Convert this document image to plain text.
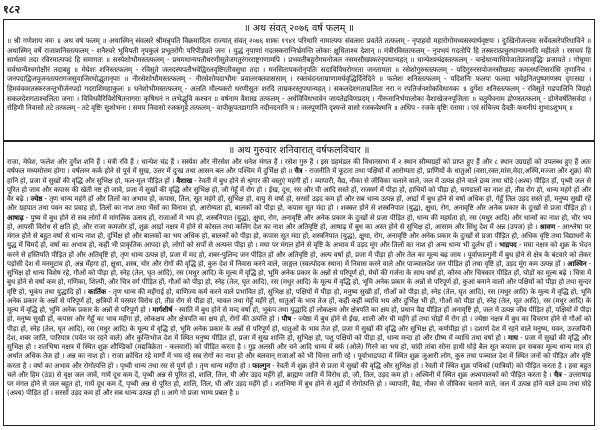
१८२
॥ अथ संवत् २०७६ वर्ष फलम् ॥
॥ श्री गणेशाय नमः ॥ अथ वर्ष फलम् ॥ अथास्मिन् संवत्सरे श्रीमन्नृपति विक्रमादित्य राज्यात् संवत् २०७६ शाकः १९४१ परिधारि नामात्ययः संवत्सरः प्रवर्तते तत्फलम् - नृपाहवो महारोगोमध्यसस्यार्थवृष्टयः । दुःखिनोजन्तवः सर्वेवत्सरेपरिधाविने ॥ अथास्मिन् वर्षे राजाशनिस्तत्फलम् - शनैश्चरे भूमिपती नृपकुलं प्रभूतरोगैः परिपीड्यते जनः । युद्धं नृपाणां गदतस्कराग्निर्भ्रमन्ति लोकाः क्षुधिताश्च देशान् ॥ मंत्रीरविस्तत्फलम् - नृपभयं गदतोपि हि तस्करात्प्रचुरधान्यधनादि महीतले । रसचयं हि सार्थतमं तदा रविरमात्यपदं हि समागतः ॥ सस्येशोभौमस्तत्फलम् - प्रथमधान्यपतौधरणीसुतेजगतुरंगरराष्ट्रगणामपि । प्रभवतीबहुरोगघनोजल नसमसौख्यकरंनृपधान्यहत् ॥ धान्येशश्चंद्रस्तत्फलम् - चन्द्रेधान्याधिपेजातेप्रजावृद्धिः प्रजायते । गोधूमाः सर्वधान्यैश्चगोक्षीरं तदाबहु ॥ मेघेशः शनिस्तत्फलम् - रविसुते जलदस्यपतौभवेद्विरलवृष्टिरतीवसुधा तदा । मनसितापकरोनृपतिः सदाविविधरोगरता जनतामता ॥ रसेशोगुरुस्तत्फलम् - यदिगुरुरसपोजनसौख्यदः कमलधन्तिसरांसि तृणानिच । जनपदाद्विजपूजनतत्परागजसुवाजिरथोद्भुतानृपाः ॥ नीरसेशोभौमस्तत्फलम् - नीरसेशोयदाभौमः प्रवालरक्तवाससाम् । रक्तचंदनताम्राणामर्घवृद्धिर्दिनेदिने ॥ फलेशः शनिस्तत्फलम् - यदिशनिः फलपः फलदा भवेद्गनितपुष्पगणस्य दृगःसदा । हिमवंववरतस्करजन्तुभीर्जनपदो गदराशिमहाकुलः ॥ धनेशोभौमस्तत्फलम् - अलति मौल्यकरो धरणीसुतः शरदि ताम्रकरस्तुपधान्यहत् । सकलदेशगताम्रलिता नरा न रपतिर्जनशोकविधायकः ॥ दुर्गेशः शनिस्तत्फलम् - रविसुते गढपालिनि विग्रहो सकलदेशगताश्चलिता जनाः । विविधवैरिविशेषितनागराः कृषिधनं न लभेद्भुवि कश्चन ॥ वर्षनाम वैशाख तत्फलम् - अर्धविविधभावेन जायतेद्रविणप्रदम् । नीरुजानिर्भयालोका वैशाखेजनपूजिताः ॥ चतुर्मेघनाम द्रोणस्तत्फलम् - द्रोणेवर्षतिसर्वदा । रोहिणी निवासो तटे तत्फलम् - तटे वृष्टिः सुशोभना । समय निवासो रजकगृहे तत्फलम् - वापीकूपतडागानि नदीनदनानि च । जलपूर्णानि दृश्यन्ते वासो रजकवेश्मनि ॥ अधिप - रजके वृष्टिः रतामा । एवं संचिन्त्य दैवज्ञैः कथनीयं शुभाऽशुभम् ॥
॥ अथ गुरुवार शनिवारात् वर्षफलविचार ॥
राजा, मेघेश, फलेश और दुर्गेश शनि हैं । मंत्री रवि हैं । धान्येश चंद्र हैं । सस्येश और नीरसेश और धनेश मंगल हैं । रसेश गुरु हैं । इस ग्रहमंडल की विधानसभा में २ स्थान सौम्यग्रहों को प्राप्त हुए हैं और ८ स्थान उग्रग्रहों को उपलब्ध हुए हैं अतः वर्षफल मध्यमोत्तम होगा । वर्षलग्न कर्क होने से पूर्व में सुख, उत्तर में दुःख तथा आसन बल और पश्चिम में दुर्भिक्ष हो ॥ चैत्र - राजनीति में कूटता तथा पक्षियों में आरोग्यता हो, प्राणियों के धातुओं (वसा,रक्त,मांस,मेदा,अस्थि,मज्जा और शुक्र) की हानि हो, प्रजा में सुखों की वृद्धि और सुभिक्ष हो, फल-मूल पीड़ित हों । वैशाख - रेवती में बुध होने से श्रृंगार की वस्तुएं महंगी हों । व्यापारी, वैद्य, नौका से जीविका चलाने वाले, जल में उत्पन्न होने वाले द्रव्य तथा घोड़े (अश्व) पीड़ित हों, पृथ्वी जल से पूरित हो जाय और कपास की खेती नष्ट हो जावे, प्रजा में सुखों की वृद्धि और सुभिक्ष हो, जौ गेहूँ में रोग हो । ईख, दूध, रस और घी आदि सस्ते हों, राजवर्ग में पीड़ा हो, हाथियों को पीड़ा हो, चाण्डालों का नाश हो, तीव्र रोग हो, धान्य महंगे हों और वैर बढ़े । ज्येष्ठ - तृण धान्य महंगे हों और तिलों का अभाव हो, कपास, तिल, सूत महंगे हों, सुभिक्ष हो, वायु से वर्षा हो, सरसों उड़द कम हों और सब धान्य उत्पन्न हों, आर्द्रा में बुध होने से वर्षा अधिक हो, गेहूँ तिल उड़द सस्ते हों, मनुष्य सुखी रहें और ग्रहपात तथा पवन का प्रवाह हो, तिलों का नाश तथा भैंसों का विनाश हो, आरोग्यता हो, बालकों को पीड़ा हो, कपास सूत मंदा हो । शक्कर होने से शस्त्रनिपात (युद्ध), क्षुधा, रोग, अनावृष्टि और अनेक प्रकार के दुःखों से प्रजा पीड़ित हो । आषाढ़ - पुष्य में बुध होने से सब लोगों में मांगलिक उत्सव हों, राजाओं में भय हो, शस्त्रनिपात (युद्ध), क्षुधा, रोग, अनावृष्टि और अनेक प्रकार के दुःखों से प्रजा पीड़ित हो, धान्य की महर्घता हो, रस (मधुर आदि) और धान्यों का नाश हो, चौर भय हो, आपसी विरोध से क्षति हो, और राजा कमजोर हों, शुक्र आर्द्रा नक्षत्र में होने से कोसल तथा कलिंग देश का नाश और अतिवृष्टि हो, आषाढ़ में बुध का अस्त होने से सुभिक्ष हो, आसाम और सिंधु देश में अन्न (उपज) हो । श्रावण - आश्लेषा पर मंगल होने से बहुत वर्षा से धान्य नाश हो, दुर्भिक्ष हो और बालकों का भय अधिक हो, बालकों को पीड़ा हो, कपास सूत मंदा हो, शस्त्रनिपात (युद्ध), क्षुधा, रोग, अनावृष्टि और अनेक प्रकार के दुःखों से प्रजा पीड़ित हो, अधिक वृष्टि तथा विद्याधरों के युद्ध में विमर्द हो, वर्षा का अभाव हो, कहीं भी प्राकृतिक आपदा हो, लोगों को सर्पों से अत्यन्त पीड़ा हो । मघा पर मंगल होने से वृष्टि के अभाव में उड़द मूंग और तिलों का नाश हो अन्य धान्य भी दुर्लभ हों । भाद्रपद - मघा नक्षत्र को शुक्र के भेदन करने से हस्तिपति पीड़ित हों और अतिवृष्टि हो, तृण धान्य उत्पन्न हो, प्रजा में मद हो, शबर-पुलिन्द जन पीड़ित हों और अतिवृष्टि हो, अल्प वर्षा हो, प्रजा में पीड़ा हो और तेल का मूल्य बढ़ जाय । पूर्वाफाल्गुनी में बुध होने से क्षेत्र के बंटवारे को लेकर पड़ोसी देश से मनमुटाव हो, अन्न मँहगा हो, क्षुधा, शस्त्र, चोर और रोगों की वृद्धि हो, कुरु देश में निवास करने वाले, जाङ्गल (स्वल्पोदक स्थान) में निवास करने वाले और पाञ्चालदेश जन पीड़ित हों तथा वृष्टि हो, उड़द मूंग कम उत्पन्न हों । आश्विन - सुभिक्ष हो धान्य विशेष रहे, गौओं को पीड़ा हो, स्नेह (तेल, घृत आदि), रस (मधुर आदि) के मूल्य में वृद्धि हो, भूमि अनेक प्रकार के अन्नों से परिपूर्ण हो, मेघों की गर्जना के साथ वर्षा हो, कौरव और चित्रकार पीड़ित हों, घोड़ों का मूल्य बढ़े । चित्रा में बुध होने से वर्षा कम हो, गणिका, शिल्पी, और चित्र वर्ग पीड़ित हों, गौओं को पीड़ा हो, स्नेह (तेल, घृत आदि), रस (मधुर आदि) के मूल्य में वृद्धि हो, भूमि अनेक प्रकार के अन्नों से परिपूर्ण हो, कुआं बनाने वालों और पक्षियों को पीड़ा हो तथा सुन्दर वृष्टि हो, भूकंप तथा युद्धादि हों । कार्तिक - तृण धान्य की महँगाई हो, वाणिज्य कर्म करने वाले प्रभावित हों, सुभिक्ष हो, पक्षियों में पीड़ा हो, मनुष्य सुखी हों, गौओं को पीड़ा हो, स्नेह (तेल, घृत आदि), रस (मधुर आदि) के मूल्य में वृद्धि हो, भूमि अनेक प्रकार के अन्नों से परिपूर्ण हो, क्षत्रियों में परस्पर विरोध हो, तीव्र रोग से पीड़ा हो, चावल तथा गेहूँ महँगे हों, धातुओं के भाव तेज हों, कहीं कहीं व्याधि भय और दुर्भिक्ष भी हो, गौओं को पीड़ा हो, स्नेह (तेल, घृत आदि), रस (मधुर आदि) के मूल्य में वृद्धि हो, भूमि अनेक प्रकार के अन्नों से परिपूर्ण हो । मार्गशीर्ष - स्वाति में बुध होने से मन्द वर्षा हो, भूकंप तथा युद्धादि हों लोकक्षय और क्षेत्रपति का क्षय हो, प्रधान वैद्य पीड़ित हों अनावृष्टि हो, जल में उत्पन्न जीव पीड़ित हों, पक्षियों में पीड़ा हो, मनुष्य सुखी हों, कपास और गेहूँ का भाव महँगा हो, लोकक्षय और क्षेत्रपति का क्षय हो, रोगों की उत्पत्ति हो । पौष - ज्येष्ठा में बुध होने से ईख, शाली और घी महँगे हों तथा घोड़ों में रोग हो । ज्येष्ठा नक्षत्र में बुध का विचरण होने से गौओं को पीड़ा हो, स्नेह (तेल, घृत आदि), रस (मधुर आदि) के मूल्य में वृद्धि हो, भूमि अनेक प्रकार के अन्नों से परिपूर्ण हो, धातुओं के भाव तेज हों, प्रजा में सुखों की वृद्धि और सुभिक्ष हो, कर्णपीड़ा हो । दशार्ण देश में रहने वाले मनुष्य, यवन, उज्जयिनी देश, शबर जाति, पारियात्र (पर्वत पर रहने वाले) और कुन्तिभोज देश में स्थित मनुष्य पीड़ित हों, प्रजा में सुख शान्ति हो, सुभिक्ष हो, पशु पक्षियों को पीड़ा हो, धान्य मन्दा हो और ग्रीष्म में व्याधि तथा वर्षा हो । माघ - प्रजा में सुखों की वृद्धि और सुभिक्ष हो । शतभिषा नक्षत्र में स्थित शुक्र शौण्डिकों (मद्यविक्रेता - कलवारों) को पीड़ित करता है । गुड़ अलसी और चने आदि धान्य में बर्फ (ओले) गिरने का भय हो, चांदी तांबा सोना हाथी घोड़े बैल सूत कपास इन सबका मूल्य धान्य मात्र हो अर्थात अधिक तेज हो । अन्न का नाश हो । राजा क्रोधित रहे मार्गों में भय रहे सब रोगों का नाश हो और बलवान् राजाओं को भी चिन्ता लगी रहे । पूर्वाभाद्रपदा में स्थित शुक्र जुआरी लोग, कुरु तथा पञ्चाल देश में स्थित जनों को पीड़ित और वृष्टि करता है । वर्षा का अभाव और रोगोत्पत्ति हो । पृथ्वी धान्य तथा रस से पूर्ण हो । तृण धान्य महँगा हो । फाल्गुन - रेवती में शुक्र होने से प्रजा में सुखों की वृद्धि और सुभिक्ष हो । रेवती में स्थित शुक्र पथिकों (यात्रियों) को पीड़ित करता है । हवा बहुत चले और हिम (ठंड) से वृक्ष जल जावें, गायें दूध कम दें, पृथ्वी अन्न से पूरित हो, शालि, तिल, घी और उड़द महँगे हों, ब्राह्मण जाति में विरोध हो, जौ, तिल, उड़द कम हों । अश्विनी में स्थित शुक्र अश्वपालकों को पीड़ित करता है । चैत्र - उत्तराषाढ़ पर मंगल होने से जल बहुत हो, गायें दूध कम दें, पृथ्वी अन्न से पूरित हो, शालि, तिल, घी और उड़द महँगे हों । शतभिषा में बुध होने से शूद्रों में रोगोत्पत्ति हो । व्यापारी, वैद्य, नौका से जीविका चलाने वाले, जल में उत्पन्न होने वाले द्रव्य तथा घोड़े (अश्व) पीड़ित हों । सरसों उड़द कम हों और सब धान्य उत्पन्न हों ॥ आगे गो प्रजा भाग्य प्रबल है ॥
